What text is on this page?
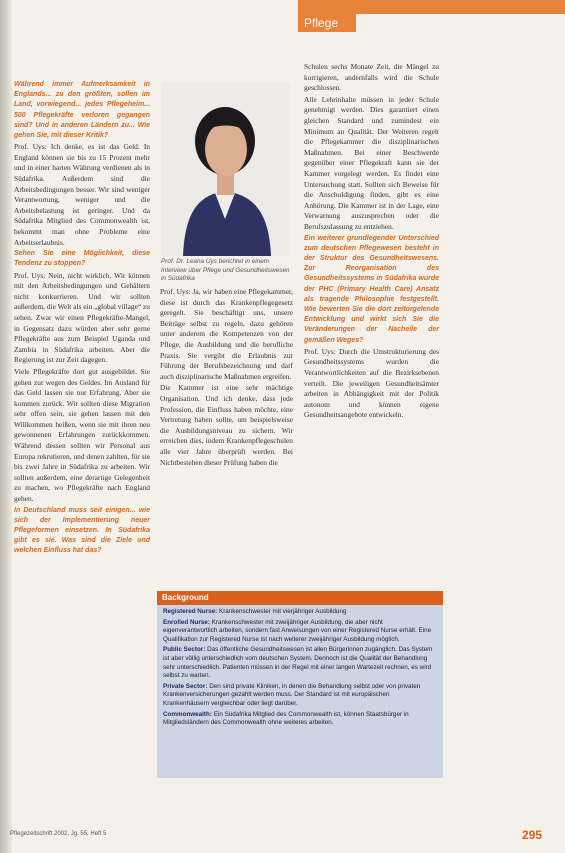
Pflege

Während immer Aufmerksamkeit in Englands... zu den größten, sollen im Land, vorwiegend... jedes Pflegeheim... 500 Pflegekräfte verloren gegangen sind? Und in anderen Ländern zu... Wie gehen Sie, mit dieser Kritik?

Prof. Uys: Ich denke, es ist das Geld. In England können sie bis zu 15 Prozent mehr und in einer harten Währung verdienen als in Südafrika. Außerdem sind die Arbeitsbedingungen besser. Wir sind weniger Verantwortung, weniger und die Arbeitsbelastung ist geringer. Und da Südafrika Mitglied des Commonwealth ist, bekommt man ohne Probleme eine Arbeitserlaubnis.

Sehen Sie eine Möglichkeit, diese Tendenz zu stoppen?

Prof. Uys: Nein, nicht wirklich. Wir können mit den Arbeitsbedingungen und Gehältern nicht konkurrieren. Und wir sollten außerdem, die Welt als ein „global village“ zu sehen. Zwar wir einen Pflegekräfte-Mangel, in Gegensatz dazu würden aber sehr gerne Pflegekräfte aus zum Beispiel Uganda und Zambia in Südafrika arbeiten. Aber die Regierung ist zur Zeit dagegen.

Viele Pflegekräfte dort gut ausgebildet. Sie gehen zur wegen des Geldes. Im Ausland für das Geld lassen sie nur Erfahrung. Aber sie kommen zurück. Wir sollten diese Migration sehr offen sein, sie gehen lassen mit den Willkommen heißen, wenn sie mit ihren neu gewonnenen Erfahrungen zurückkommen. Während dessen sollten wir Personal aus Europa rekrutieren, und denen zahlten, für sie bis zwei Jahre in Südafrika zu arbeiten. Wir sollten außerdem, eine derartige Gelegenheit zu machen, wo Pflegekräfte nach England gehen.

In Deutschland muss seit einigen... wie sich der Implementierung neuer Pflegeformen einsetzen. In Südafrika gibt es sie. Was sind die Ziele und welchen Einfluss hat das?

Prof. Dr. Leana Uys berichtet in einem Interview über Pflege und Gesundheitswesen in Südafrika

Prof. Uys: Ja, wir haben eine Pflegekammer, diese ist durch das Krankenpflegegesetz geregelt. Sie beschäftigt uns, unsere Beiträge selbst zu regeln, dazu gehören unter anderem die Kompetenzen von der Pflege, die Ausbildung und die berufliche Praxis. Sie vergibt die Erlaubnis zur Führung der Berufsbezeichnung und darf auch disziplinarische Maßnahmen ergreifen.

Die Kammer ist eine sehr mächtige Organisation. Und ich denke, dass jede Profession, die Einfluss haben möchte, eine Vertretung haben sollte, um beispielsweise die Ausbildungsniveau zu sichern. Wir erreichen dies, indem Krankenpflegeschulen alle vier Jahre überprüft werden. Bei Nichtbestehen dieser Prüfung haben die

Schulen sechs Monate Zeit, die Mängel zu korrigieren, andernfalls wird die Schule geschlossen.

Alle Lehrinhalte müssen in jeder Schule genehmigt werden. Dies garantiert einen gleichen Standard und zumindest ein Minimum an Qualität. Der Weiteren regelt die Pflegekammer die disziplinarischen Maßnahmen. Bei einer Beschwerde gegenüber einer Pflegekraft kann sie der Kammer vorgelegt werden. Es findet eine Untersuchung statt. Sollten sich Beweise für die Anschuldigung finden, gibt es eine Anhörung. Die Kammer ist in der Lage, eine Verwarnung auszusprechen oder die Berufszulassung zu entziehen.

Ein weiterer grundlegender Unterschied zum deutschen Pflegewesen besteht in der Struktur des Gesundheitswesens. Zur Reorganisation des Gesundheitssystems in Südafrika wurde der PHC (Primary Health Care) Ansatz als tragende Philosophie festgestellt. Wie bewerten Sie die dort zeitorgelende Entwicklung und wirkt sich Sie die Veränderungen der Nacheile der gemäßen Weges?

Prof. Uys: Durch die Umstrukturierung des Gesundheitssystems wurden die Verantwortlichkeiten auf die Bezirksebenen verteilt. Die jeweiligen Gesundheitsämter arbeiten in Abhängigkeit mit der Politik autonom und können eigene Gesundheitsangebote entwickeln.

Background

Registered Nurse: Krankenschwester mit vierjähriger Ausbildung

Enrolled Nurse: Krankenschwester mit zweijähriger Ausbildung, die aber nicht eigenverantwortlich arbeiten, sondern fast Anweisungen von einer Registered Nurse erhält. Eine Qualifikation zur Registered Nurse ist nach weiterer zweijähriger Ausbildung möglich.

Public Sector: Das öffentliche Gesundheitswesen ist allen Bürgerinnen zugänglich. Das System ist aber völlig unterschiedlich vom deutschen System. Dennoch ist die Qualität der Behandlung sehr unterschiedlich. Patienten müssen in der Regel mit einer langen Wartezeit rechnen, es wird selbst zu warten.

Private Sector: Den sind private Kliniken, in denen die Behandlung selbst oder von privaten Krankenversicherungen gezahlt werden muss. Der Standard ist mit europäischen Krankenhäusern vergleichbar oder liegt darüber.

Commonwealth: Ein Südafrika Mitglied des Commonwealth ist, können Staatsbürger in Mitgliedsländern des Commonwealth ohne weiteres arbeiten.

Pflegezeitschrift 2002, Jg. 55, Heft 5	295
